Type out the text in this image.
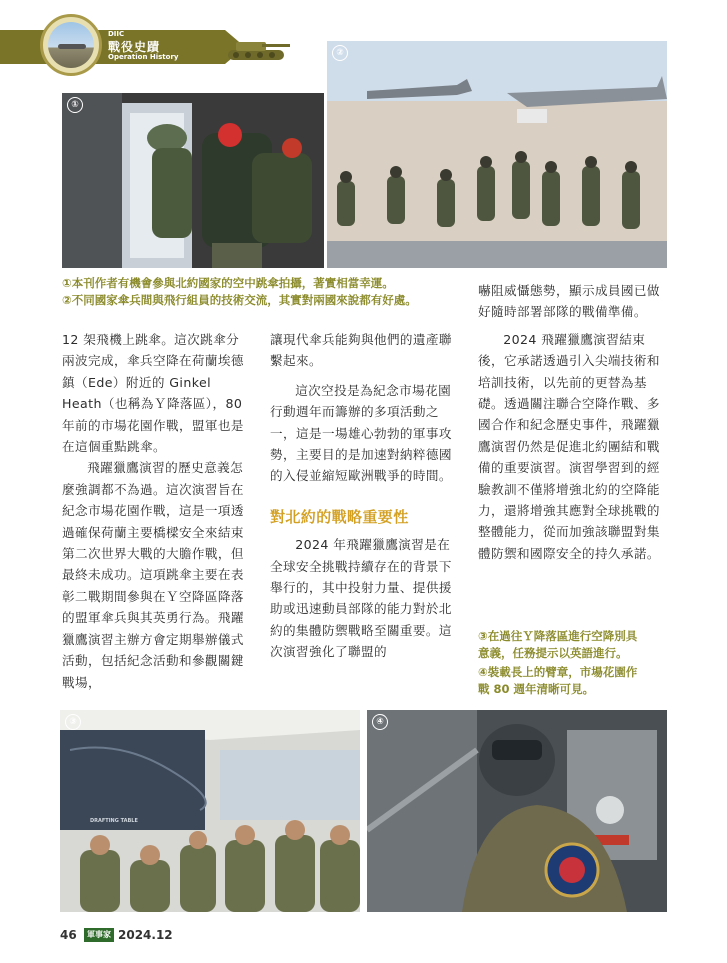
DIIC
戰役史蹟
Operation History
①
②
①本刊作者有機會參與北約國家的空中跳傘拍攝，著實相當幸運。
②不同國家傘兵間與飛行組員的技術交流，其實對兩國來說都有好處。

12 架飛機上跳傘。這次跳傘分兩波完成，傘兵空降在荷蘭埃德鎮（Ede）附近的 Ginkel Heath（也稱為Ｙ降落區），80 年前的市場花園作戰，盟軍也是在這個重點跳傘。

飛躍獵鷹演習的歷史意義怎麼強調都不為過。這次演習旨在紀念市場花園作戰，這是一項透過確保荷蘭主要橋樑安全來結束第二次世界大戰的大膽作戰，但最終未成功。這項跳傘主要在表彰二戰期間參與在Ｙ空降區降落的盟軍傘兵與其英勇行為。飛躍獵鷹演習主辦方會定期舉辦儀式活動，包括紀念活動和參觀關鍵戰場，

讓現代傘兵能夠與他們的遺產聯繫起來。

這次空投是為紀念市場花園行動週年而籌辦的多項活動之一，這是一場雄心勃勃的軍事攻勢，主要目的是加速對納粹德國的入侵並縮短歐洲戰爭的時間。

對北約的戰略重要性

2024 年飛躍獵鷹演習是在全球安全挑戰持續存在的背景下舉行的，其中投射力量、提供援助或迅速動員部隊的能力對於北約的集體防禦戰略至關重要。這次演習強化了聯盟的

嚇阻威懾態勢，顯示成員國已做好隨時部署部隊的戰備準備。

2024 飛躍獵鷹演習結束後，它承諾透過引入尖端技術和培訓技術，以先前的更替為基礎。透過關注聯合空降作戰、多國合作和紀念歷史事件，飛躍獵鷹演習仍然是促進北約團結和戰備的重要演習。演習學習到的經驗教訓不僅將增強北約的空降能力，還將增強其應對全球挑戰的整體能力，從而加強該聯盟對集體防禦和國際安全的持久承諾。

③在過往Ｙ降落區進行空降別具
意義，任務提示以英語進行。
④裝載長上的臂章，市場花園作
戰 80 週年清晰可見。
DRAFTING TABLE
③	④
46	軍事家 2024.12
